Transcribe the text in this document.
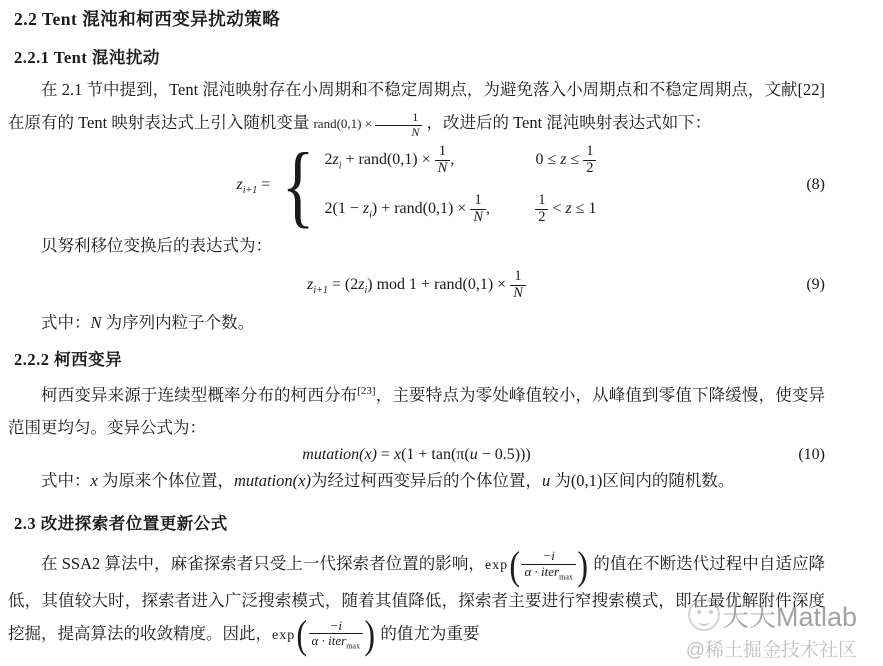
2.2 Tent 混沌和柯西变异扰动策略
2.2.1 Tent 混沌扰动

在 2.1 节中提到，Tent 混沌映射存在小周期和不稳定周期点，为避免落入小周期点和不稳定周期点，文献[22]在原有的 Tent 映射表达式上引入随机变量 rand(0,1) × $\frac{1}{N}$ ，改进后的 Tent 混沌映射表达式如下：

$z_{i+1}$ = { $2z_i$ + rand(0,1) × $\frac{1}{N}$ ,	$0 \le z \le \frac{1}{2}$
$2(1 - z_i)$ + rand(0,1) × $\frac{1}{N}$ ,	$\frac{1}{2} < z \le 1$
(8)

贝努利移位变换后的表达式为：

$z_{i+1} = (2z_i)$ mod 1 + rand(0,1) × $\frac{1}{N}$	(9)

式中：N 为序列内粒子个数。

2.2.2 柯西变异

柯西变异来源于连续型概率分布的柯西分布[23]，主要特点为零处峰值较小，从峰值到零值下降缓慢，使变异范围更均匀。变异公式为：

mutation(x) = x(1 + tan(π(u − 0.5)))	(10)

式中：x 为原来个体位置，mutation(x)为经过柯西变异后的个体位置，u 为(0,1)区间内的随机数。

2.3 改进探索者位置更新公式

在 SSA2 算法中，麻雀探索者只受上一代探索者位置的影响，$\exp( \frac{-i}{\alpha \cdot iter_{max}}$ ) 的值在不断迭代过程中自适应降低，其值较大时，探索者进入广泛搜索模式，随着其值降低，探索者主要进行窄搜索模式，即在最优解附件深度挖掘，提高算法的收敛精度。因此，$\exp( \frac{-i}{\alpha \cdot iter_{max}}$ ) 的值尤为重要

天天Matlab
@稀土掘金技术社区
